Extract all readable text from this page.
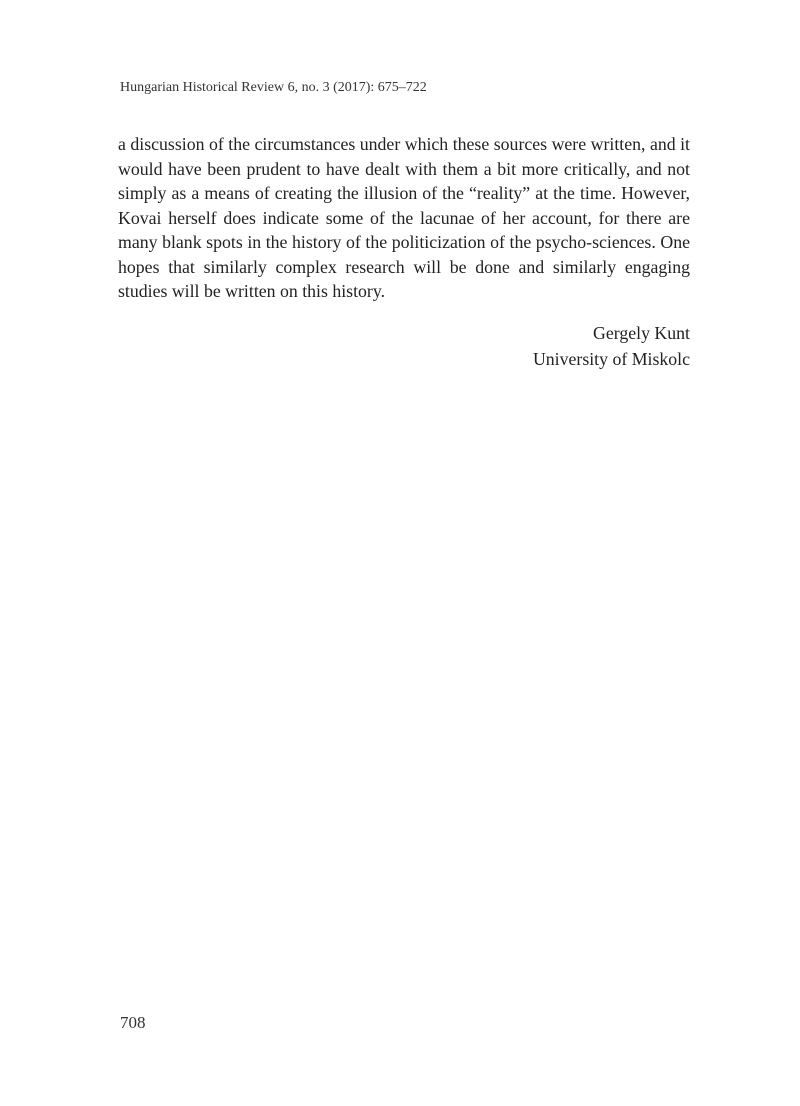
Hungarian Historical Review 6, no. 3 (2017): 675–722

a discussion of the circumstances under which these sources were written, and it would have been prudent to have dealt with them a bit more critically, and not simply as a means of creating the illusion of the “reality” at the time. However, Kovai herself does indicate some of the lacunae of her account, for there are many blank spots in the history of the politicization of the psycho-sciences. One hopes that similarly complex research will be done and similarly engaging studies will be written on this history.

Gergely Kunt
University of Miskolc
708
